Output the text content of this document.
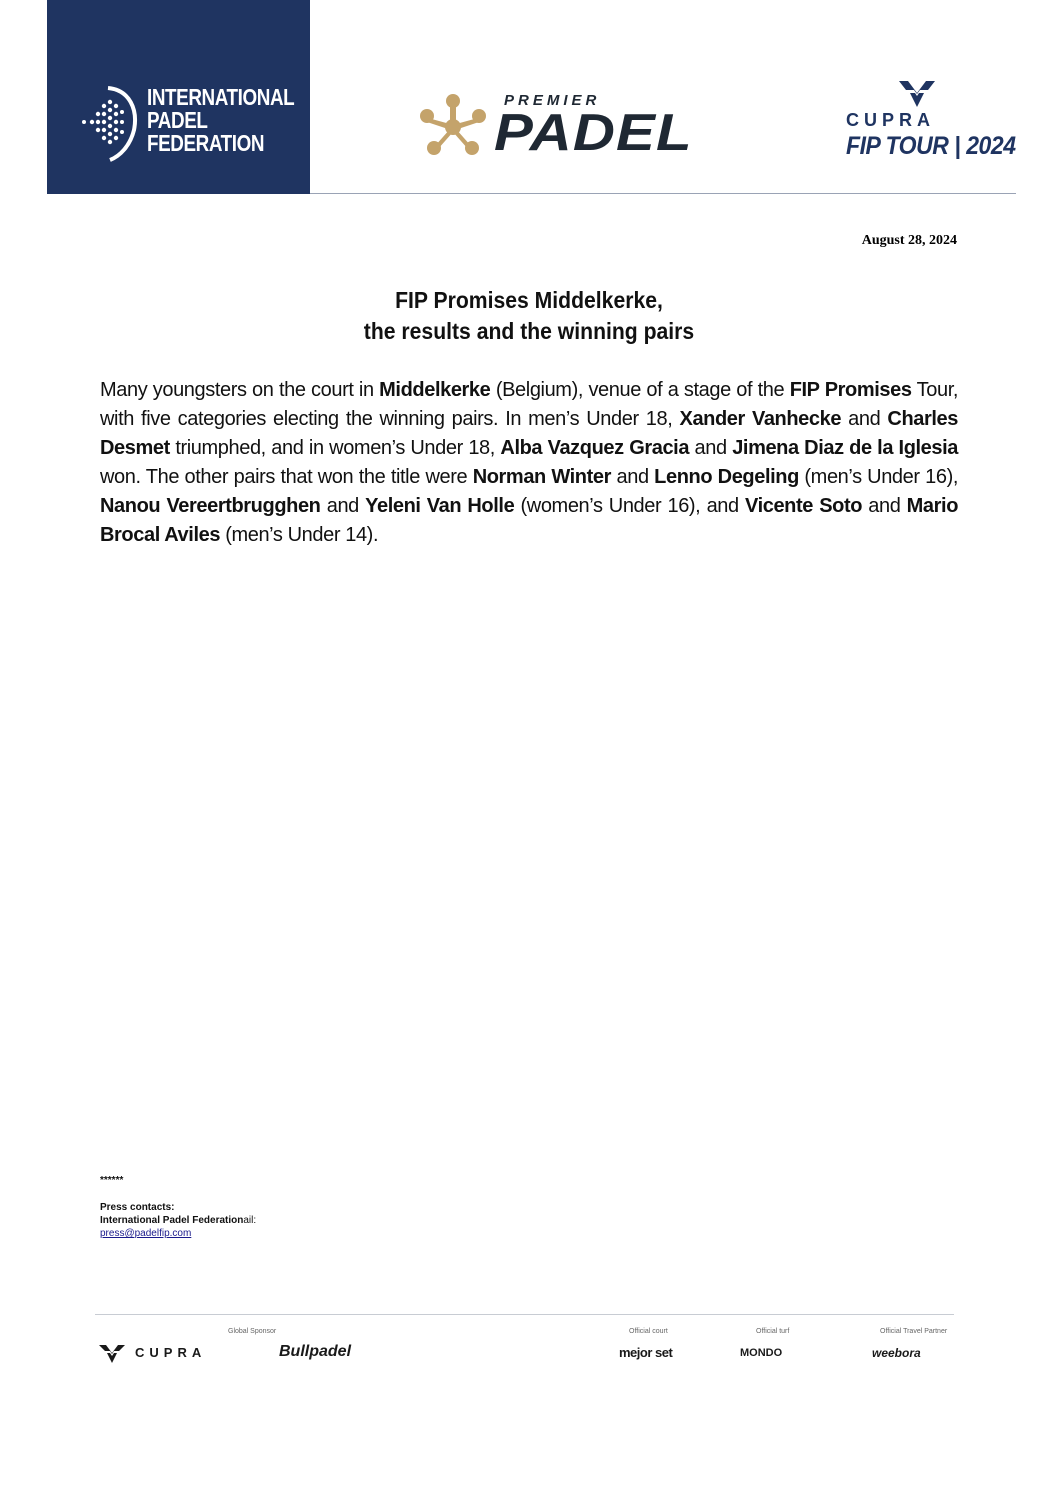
INTERNATIONAL
PADEL
FEDERATION
PREMIER
PADEL	CUPRA
FIP TOUR | 2024
August 28, 2024
FIP Promises Middelkerke,
the results and the winning pairs
Many youngsters on the court in Middelkerke (Belgium), venue of a stage of the FIP Promises Tour, with five categories electing the winning pairs. In men’s Under 18, Xander Vanhecke and Charles Desmet triumphed, and in women’s Under 18, Alba Vazquez Gracia and Jimena Diaz de la Iglesia won. The other pairs that won the title were Norman Winter and Lenno Degeling (men’s Under 16), Nanou Vereertbrugghen and Yeleni Van Holle (women’s Under 16), and Vicente Soto and Mario Brocal Aviles (men’s Under 14).
******
Press contacts:
International Padel Federationail:
press@padelfip.com
Global Sponsor	Official court	Official turf	Official Travel Partner
CUPRA	Bullpadel	mejor set	MONDO	weebora
